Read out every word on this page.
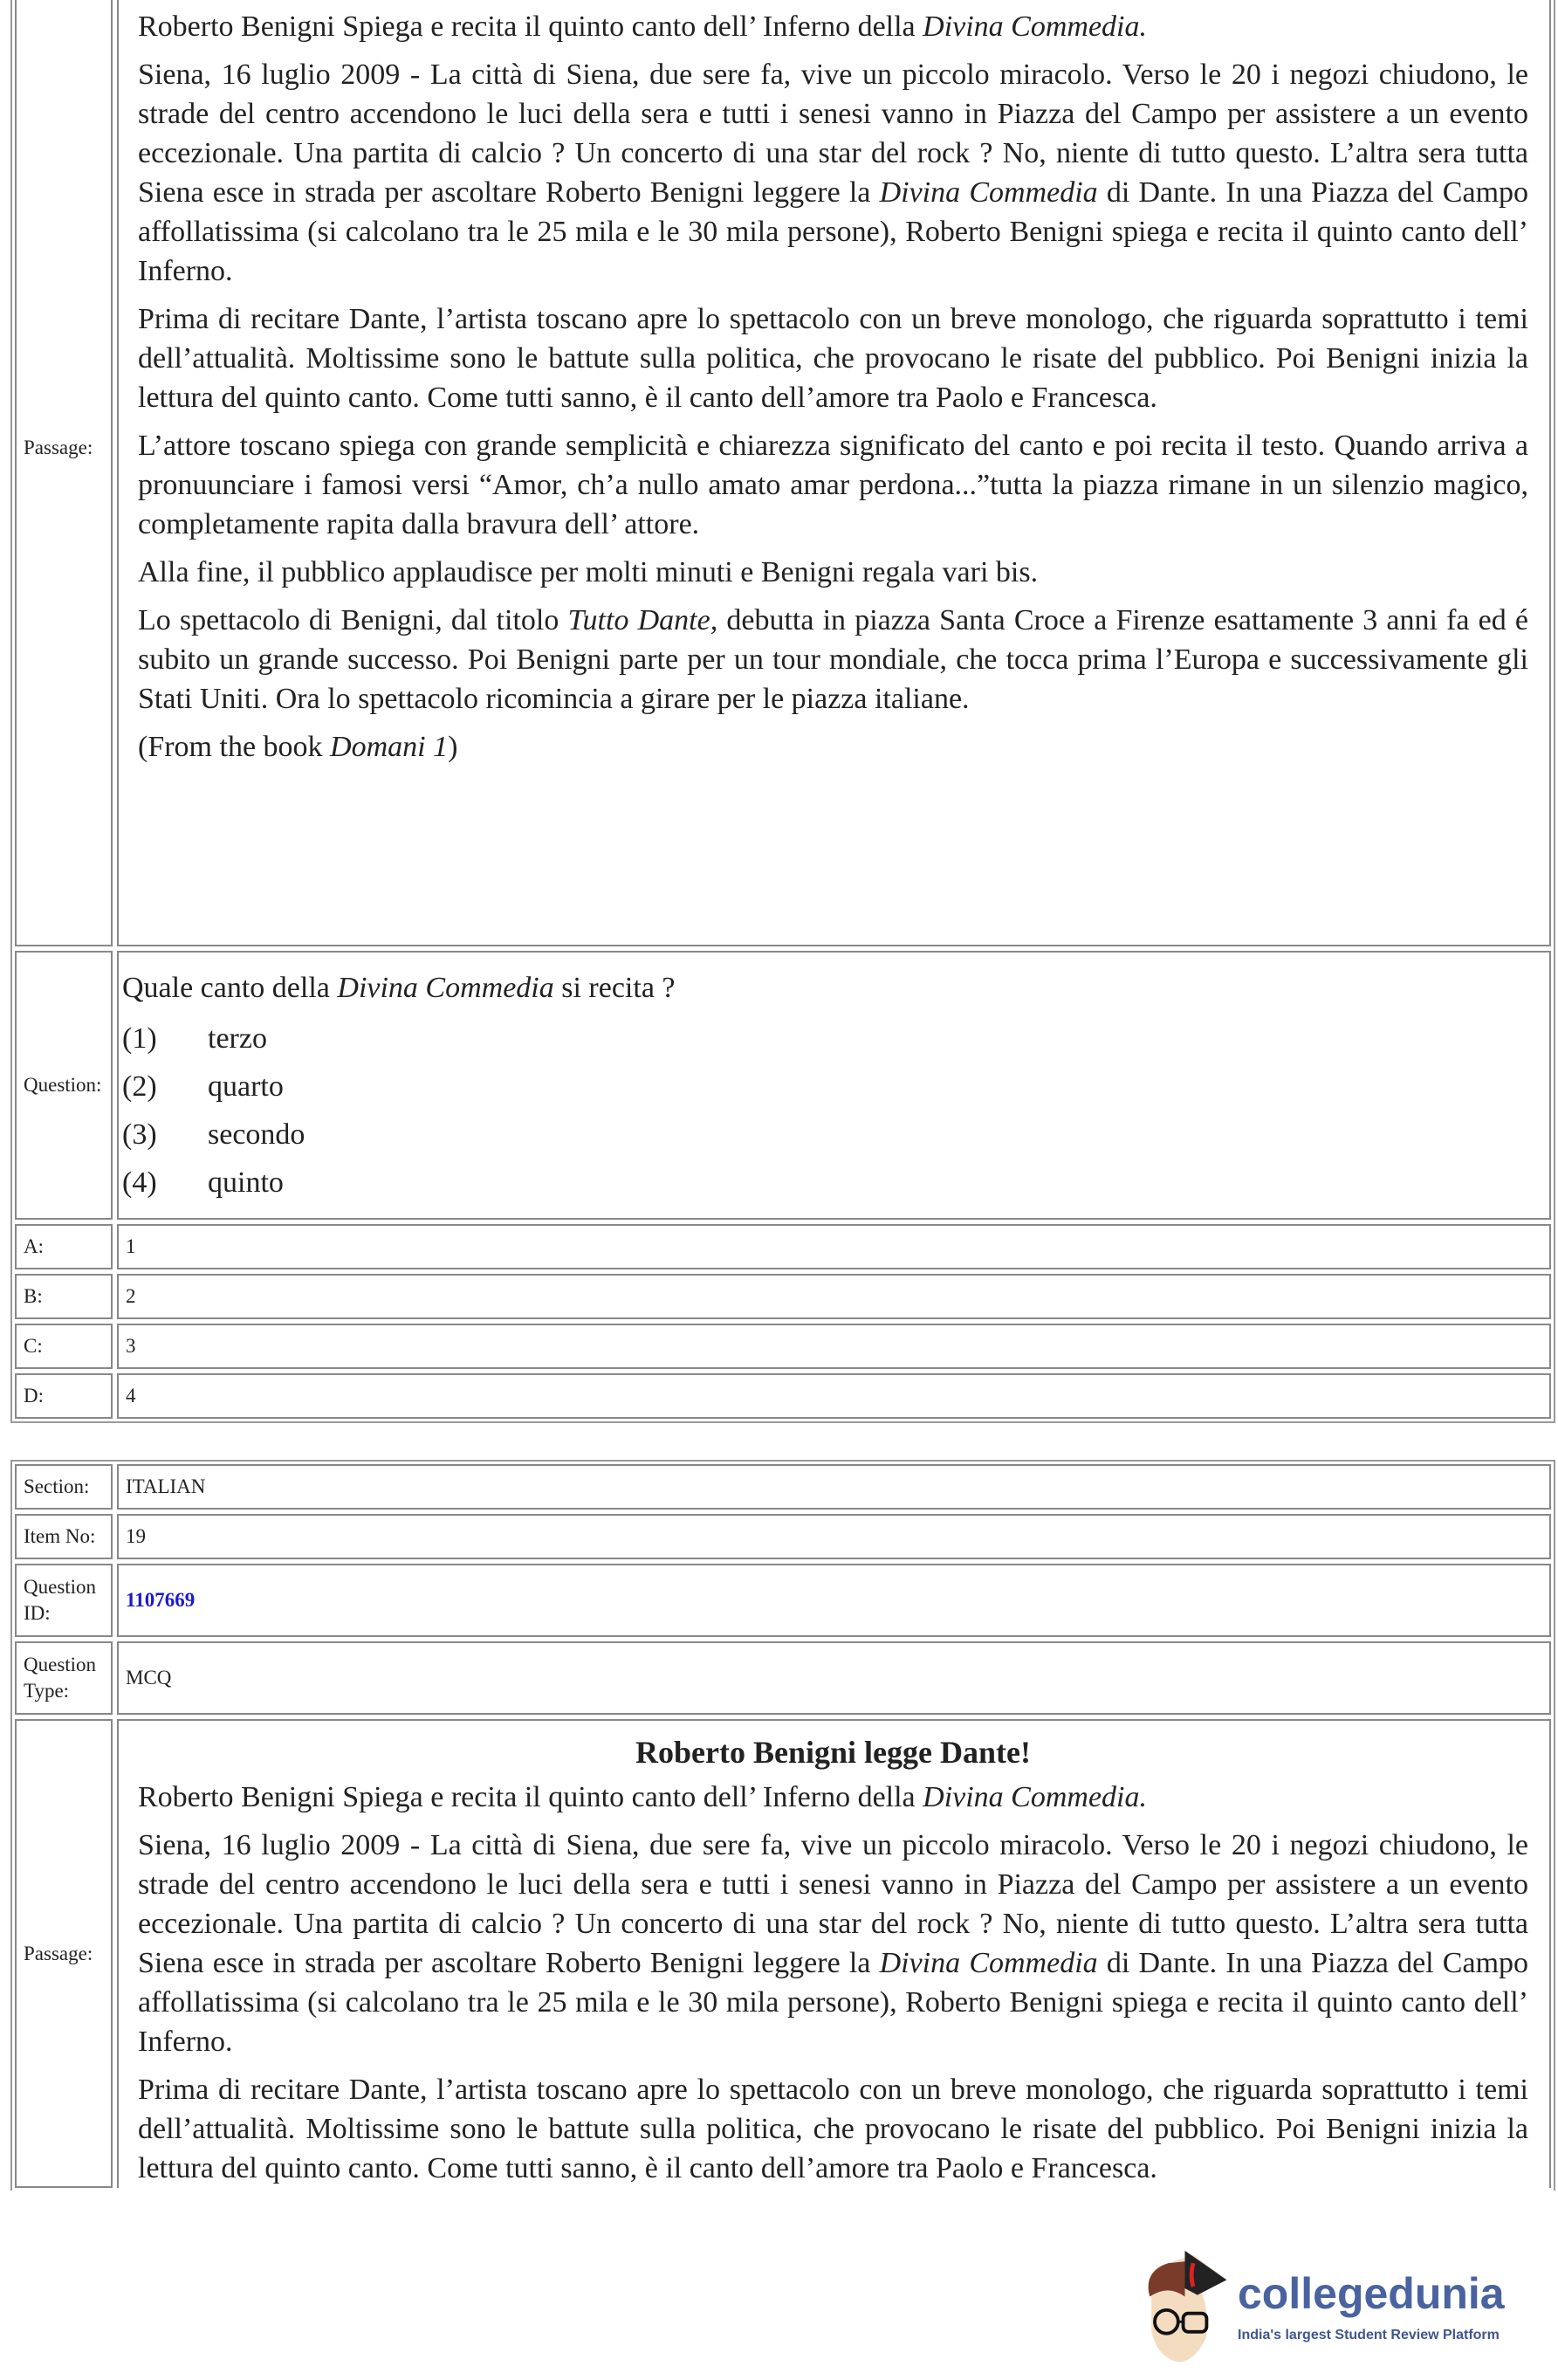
Passage:

Roberto Benigni Spiega e recita il quinto canto dell’ Inferno della Divina Commedia.

Siena, 16 luglio 2009 - La città di Siena, due sere fa, vive un piccolo miracolo. Verso le 20 i negozi chiudono, le strade del centro accendono le luci della sera e tutti i senesi vanno in Piazza del Campo per assistere a un evento eccezionale. Una partita di calcio ? Un concerto di una star del rock ? No, niente di tutto questo. L’altra sera tutta Siena esce in strada per ascoltare Roberto Benigni leggere la Divina Commedia di Dante. In una Piazza del Campo affollatissima (si calcolano tra le 25 mila e le 30 mila persone), Roberto Benigni spiega e recita il quinto canto dell’ Inferno.

Prima di recitare Dante, l’artista toscano apre lo spettacolo con un breve monologo, che riguarda soprattutto i temi dell’attualità. Moltissime sono le battute sulla politica, che provocano le risate del pubblico. Poi Benigni inizia la lettura del quinto canto. Come tutti sanno, è il canto dell’amore tra Paolo e Francesca.

L’attore toscano spiega con grande semplicità e chiarezza significato del canto e poi recita il testo. Quando arriva a pronuunciare i famosi versi “Amor, ch’a nullo amato amar perdona...”tutta la piazza rimane in un silenzio magico, completamente rapita dalla bravura dell’ attore.

Alla fine, il pubblico applaudisce per molti minuti e Benigni regala vari bis.

Lo spettacolo di Benigni, dal titolo Tutto Dante, debutta in piazza Santa Croce a Firenze esattamente 3 anni fa ed é subito un grande successo. Poi Benigni parte per un tour mondiale, che tocca prima l’Europa e successivamente gli Stati Uniti. Ora lo spettacolo ricomincia a girare per le piazza italiane.

(From the book Domani 1)

Question:
Quale canto della Divina Commedia si recita ?
(1)	terzo
(2)	quarto
(3)	secondo
(4)	quinto
A:	1
B:	2
C:	3
D:	4
Section:	ITALIAN
Item No:	19
Question ID:
1107669
Question Type:
MCQ
Passage:
Roberto Benigni legge Dante!

Roberto Benigni Spiega e recita il quinto canto dell’ Inferno della Divina Commedia.

Siena, 16 luglio 2009 - La città di Siena, due sere fa, vive un piccolo miracolo. Verso le 20 i negozi chiudono, le strade del centro accendono le luci della sera e tutti i senesi vanno in Piazza del Campo per assistere a un evento eccezionale. Una partita di calcio ? Un concerto di una star del rock ? No, niente di tutto questo. L’altra sera tutta Siena esce in strada per ascoltare Roberto Benigni leggere la Divina Commedia di Dante. In una Piazza del Campo affollatissima (si calcolano tra le 25 mila e le 30 mila persone), Roberto Benigni spiega e recita il quinto canto dell’ Inferno.

Prima di recitare Dante, l’artista toscano apre lo spettacolo con un breve monologo, che riguarda soprattutto i temi dell’attualità. Moltissime sono le battute sulla politica, che provocano le risate del pubblico. Poi Benigni inizia la lettura del quinto canto. Come tutti sanno, è il canto dell’amore tra Paolo e Francesca.

collegedunia
India's largest Student Review Platform
